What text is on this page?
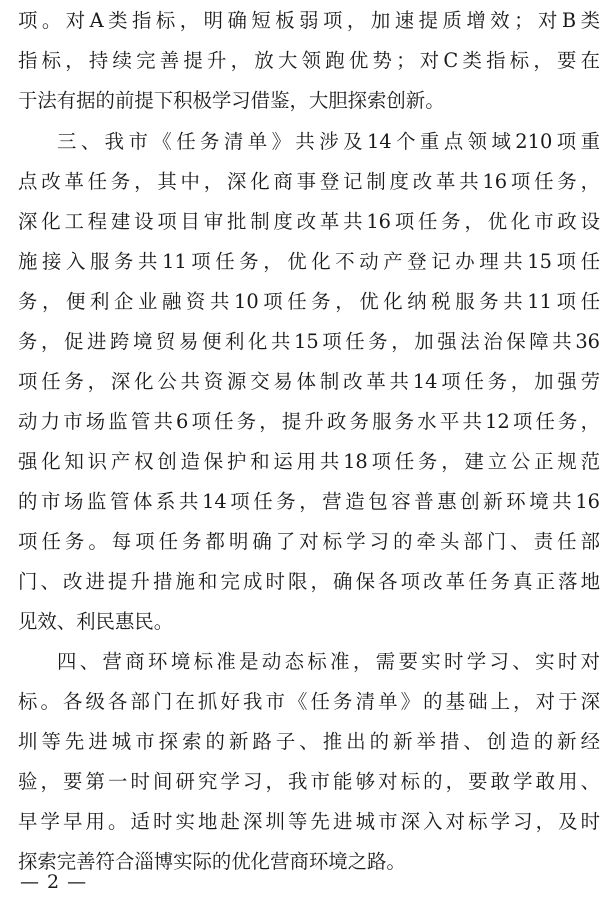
项。对A类指标，明确短板弱项，加速提质增效；对B类
指标，持续完善提升，放大领跑优势；对C类指标，要在
于法有据的前提下积极学习借鉴，大胆探索创新。
三、我市《任务清单》共涉及14个重点领域210项重
点改革任务，其中，深化商事登记制度改革共16项任务，
深化工程建设项目审批制度改革共16项任务，优化市政设
施接入服务共11项任务，优化不动产登记办理共15项任
务，便利企业融资共10项任务，优化纳税服务共11项任
务，促进跨境贸易便利化共15项任务，加强法治保障共36
项任务，深化公共资源交易体制改革共14项任务，加强劳
动力市场监管共6项任务，提升政务服务水平共12项任务，
强化知识产权创造保护和运用共18项任务，建立公正规范
的市场监管体系共14项任务，营造包容普惠创新环境共16
项任务。每项任务都明确了对标学习的牵头部门、责任部
门、改进提升措施和完成时限，确保各项改革任务真正落地
见效、利民惠民。
四、营商环境标准是动态标准，需要实时学习、实时对
标。各级各部门在抓好我市《任务清单》的基础上，对于深
圳等先进城市探索的新路子、推出的新举措、创造的新经
验，要第一时间研究学习，我市能够对标的，要敢学敢用、
早学早用。适时实地赴深圳等先进城市深入对标学习，及时
探索完善符合淄博实际的优化营商环境之路。
— 2 —
